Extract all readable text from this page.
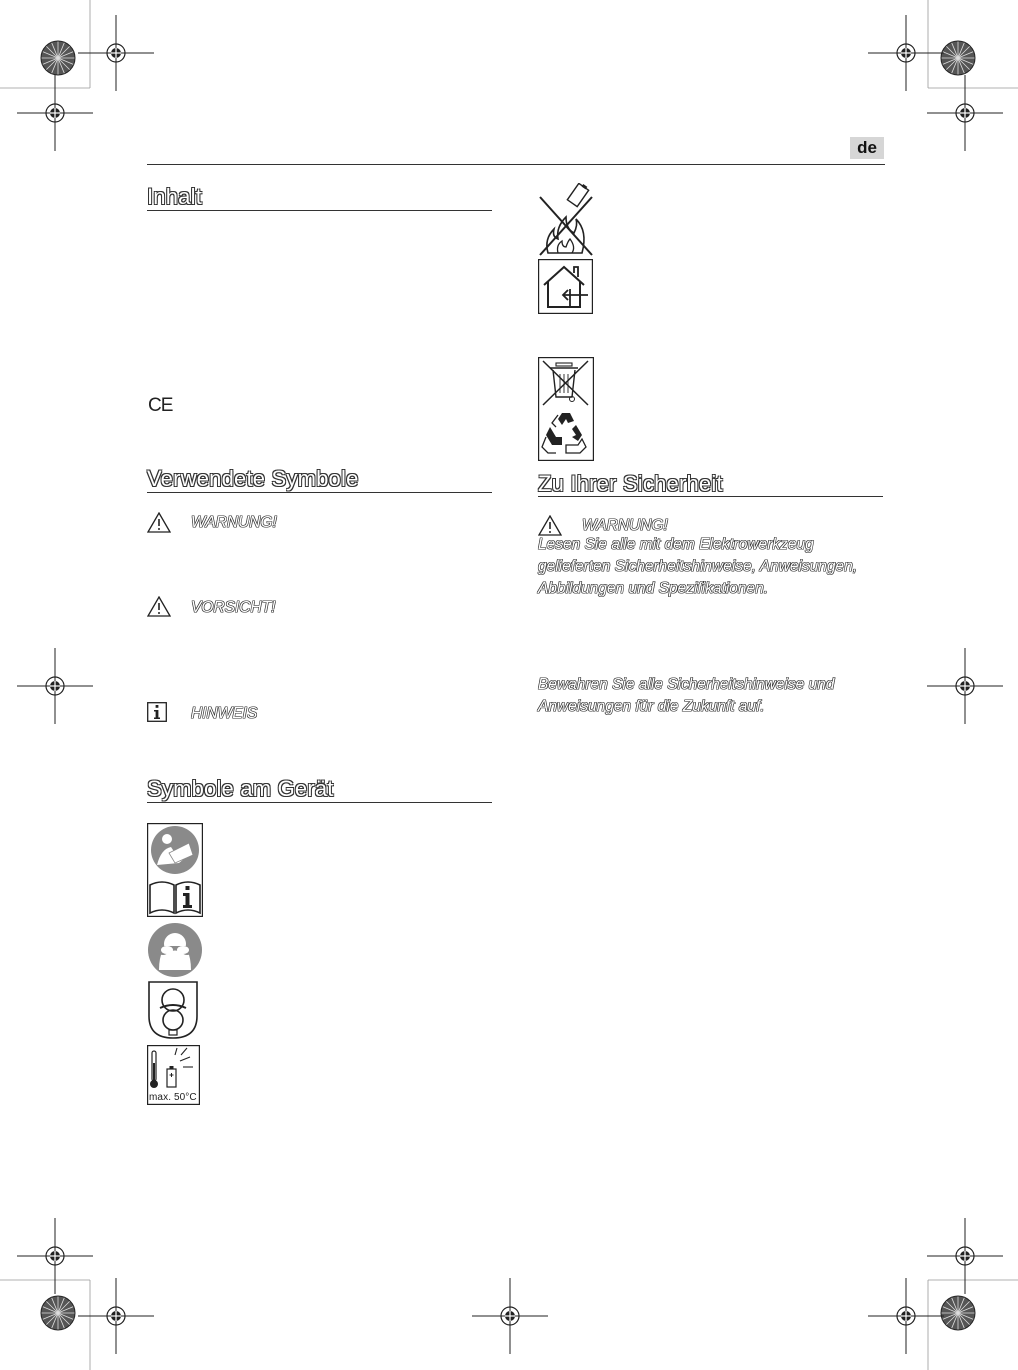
de
Inhalt
CE
Verwendete Symbole
WARNUNG!
VORSICHT!
HINWEIS
Symbole am Gerät
max. 50°C
Zu Ihrer Sicherheit
WARNUNG!
Lesen Sie alle mit dem Elektrowerkzeug gelieferten Sicherheitshinweise, Anweisungen, Abbildungen und Spezifikationen.
Bewahren Sie alle Sicherheitshinweise und Anweisungen für die Zukunft auf.
